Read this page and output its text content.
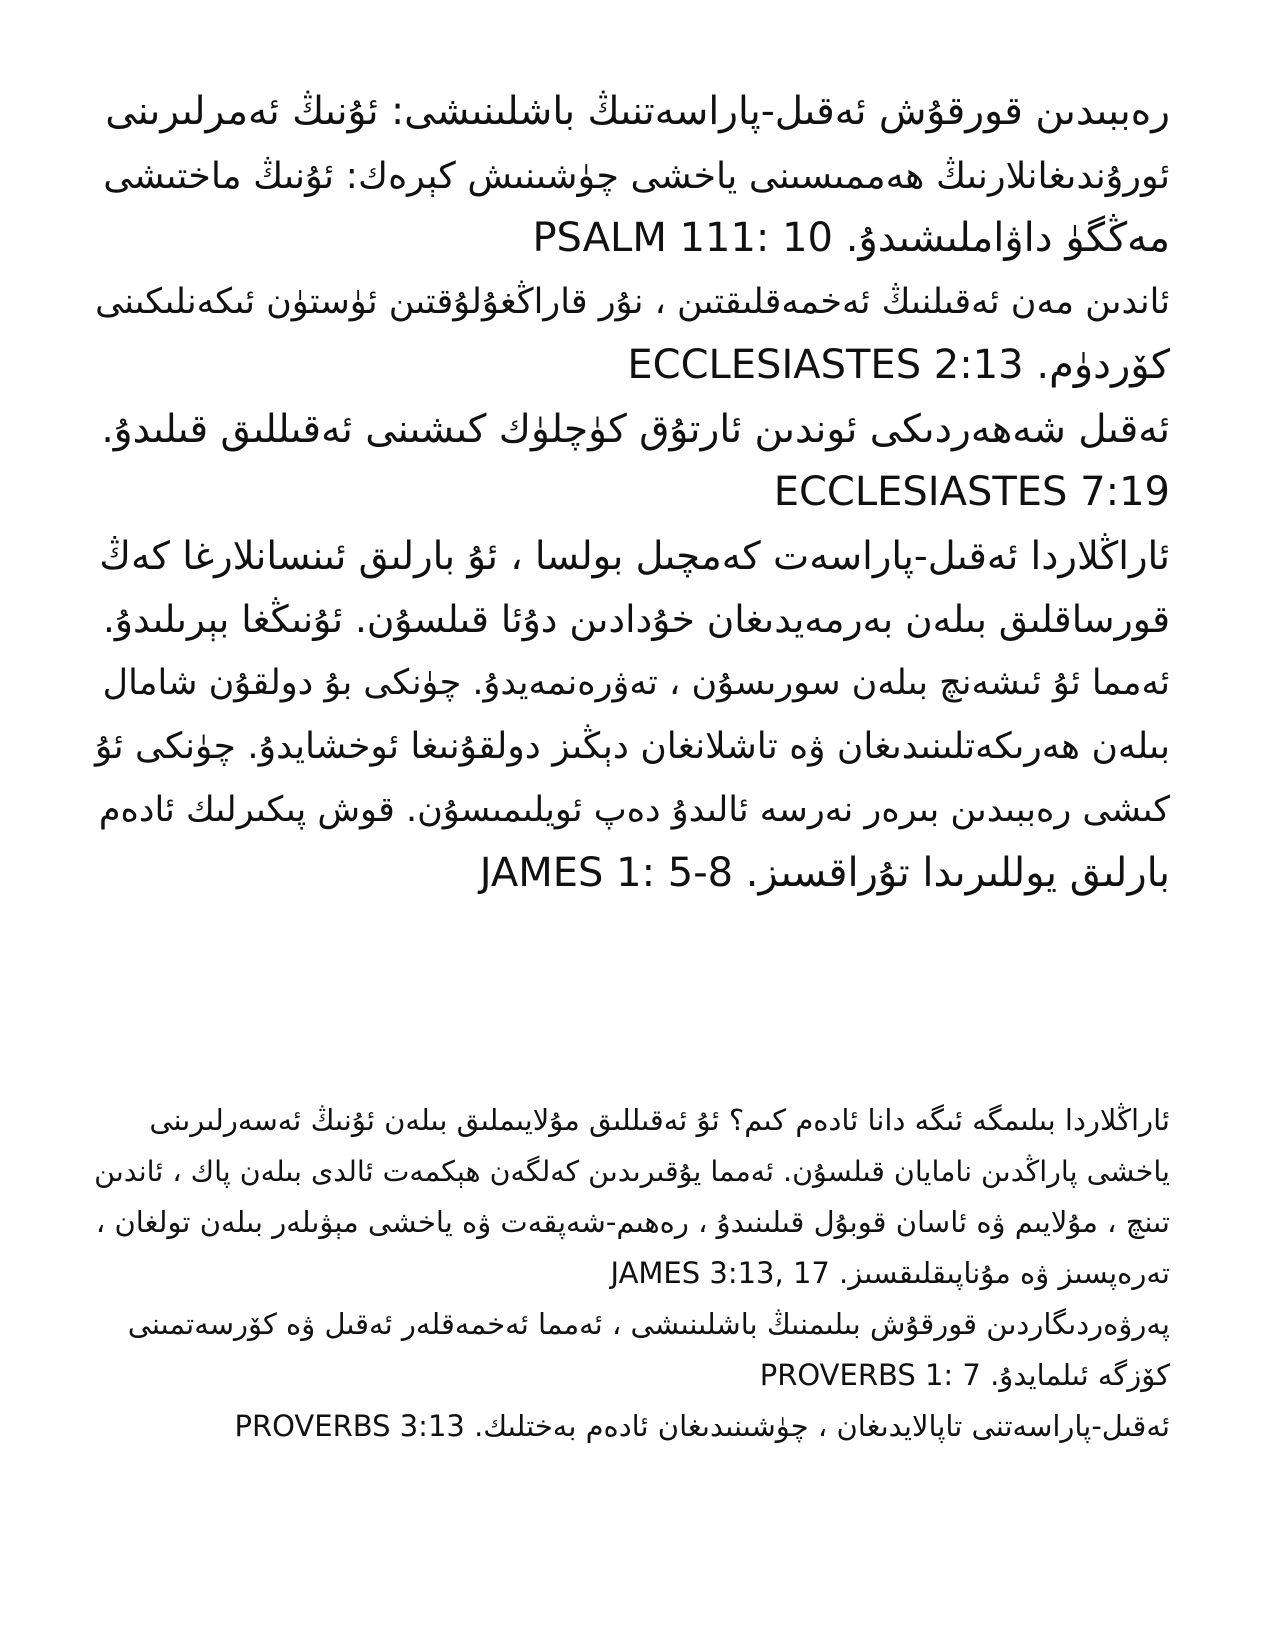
رەببىدىن قورقۇش ئەقىل-پاراسەتنىڭ باشلىنىشى: ئۇنىڭ ئەمرلىرىنى
ئورۇندىغانلارنىڭ ھەممىسىنى ياخشى چۈشىنىش كېرەك: ئۇنىڭ ماختىشى
مەڭگۈ داۋاملىشىدۇ. PSALM 111: 10
ئاندىن مەن ئەقىلنىڭ ئەخمەقلىقتىن ، نۇر قاراڭغۇلۇقتىن ئۈستۈن ئىكەنلىكىنى
كۆردۈم. ECCLESIASTES 2:13
ئەقىل شەھەردىكى ئوندىن ئارتۇق كۈچلۈك كىشىنى ئەقىللىق قىلىدۇ.
ECCLESIASTES 7:19
ئاراڭلاردا ئەقىل-پاراسەت كەمچىل بولسا ، ئۇ بارلىق ئىنسانلارغا كەڭ
قورساقلىق بىلەن بەرمەيدىغان خۇدادىن دۇئا قىلسۇن. ئۇنىڭغا بېرىلىدۇ.
ئەمما ئۇ ئىشەنچ بىلەن سورىسۇن ، تەۋرەنمەيدۇ. چۈنكى بۇ دولقۇن شامال
بىلەن ھەرىكەتلىنىدىغان ۋە تاشلانغان دېڭىز دولقۇنىغا ئوخشايدۇ. چۈنكى ئۇ
كىشى رەببىدىن بىرەر نەرسە ئالىدۇ دەپ ئويلىمىسۇن. قوش پىكىرلىك ئادەم
بارلىق يوللىرىدا تۇراقسىز. JAMES 1: 5-8
ئاراڭلاردا بىلىمگە ئىگە دانا ئادەم كىم؟ ئۇ ئەقىللىق مۇلايىملىق بىلەن ئۇنىڭ ئەسەرلىرىنى
ياخشى پاراڭدىن نامايان قىلسۇن. ئەمما يۇقىرىدىن كەلگەن ھېكمەت ئالدى بىلەن پاك ، ئاندىن
تىنچ ، مۇلايىم ۋە ئاسان قوبۇل قىلىنىدۇ ، رەھىم-شەپقەت ۋە ياخشى مېۋىلەر بىلەن تولغان ،
تەرەپسىز ۋە مۇناپىقلىقسىز. JAMES 3:13, 17
پەرۋەردىگاردىن قورقۇش بىلىمنىڭ باشلىنىشى ، ئەمما ئەخمەقلەر ئەقىل ۋە كۆرسەتمىنى
كۆزگە ئىلمايدۇ. PROVERBS 1: 7
ئەقىل-پاراسەتنى تاپالايدىغان ، چۈشىنىدىغان ئادەم بەختلىك. PROVERBS 3:13
